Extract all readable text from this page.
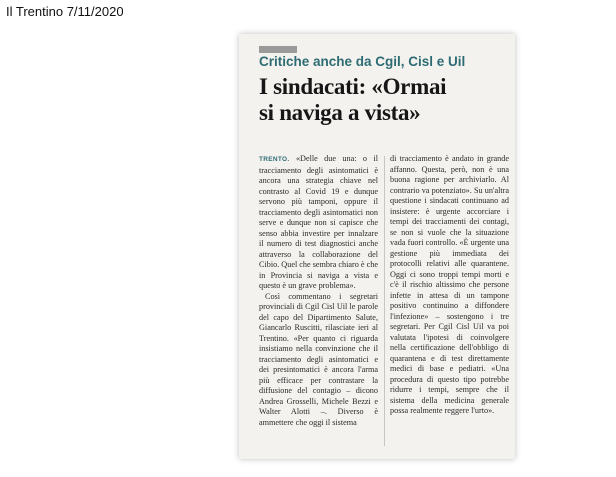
Il Trentino 7/11/2020
Critiche anche da Cgil, Cisl e Uil
I sindacati: «Ormai
si naviga a vista»

TRENTO. «Delle due una: o il tracciamento degli asintomatici è ancora una strategia chiave nel contrasto al Covid 19 e dunque servono più tamponi, oppure il tracciamento degli asintomatici non serve e dunque non si capisce che senso abbia investire per innalzare il numero di test diagnostici anche attraverso la collaborazione del Cibio. Quel che sembra chiaro è che in Provincia si naviga a vista e questo è un grave problema».

Così commentano i segretari provinciali di Cgil Cisl Uil le parole del capo del Dipartimento Salute, Giancarlo Ruscitti, rilasciate ieri al Trentino. «Per quanto ci riguarda insistiamo nella convinzione che il tracciamento degli asintomatici e dei presintomatici è ancora l'arma più efficace per contrastare la diffusione del contagio – dicono Andrea Grosselli, Michele Bezzi e Walter Alotti –. Diverso è ammettere che oggi il sistema

di tracciamento è andato in grande affanno. Questa, però, non è una buona ragione per archiviarlo. Al contrario va potenziato». Su un'altra questione i sindacati continuano ad insistere: è urgente accorciare i tempi dei tracciamenti dei contagi, se non si vuole che la situazione vada fuori controllo. «È urgente una gestione più immediata dei protocolli relativi alle quarantene. Oggi ci sono troppi tempi morti e c'è il rischio altissimo che persone infette in attesa di un tampone positivo continuino a diffondere l'infezione» – sostengono i tre segretari. Per Cgil Cisl Uil va poi valutata l'ipotesi di coinvolgere nella certificazione dell'obbligo di quarantena e di test direttamente medici di base e pediatri. «Una procedura di questo tipo potrebbe ridurre i tempi, sempre che il sistema della medicina generale possa realmente reggere l'urto».
